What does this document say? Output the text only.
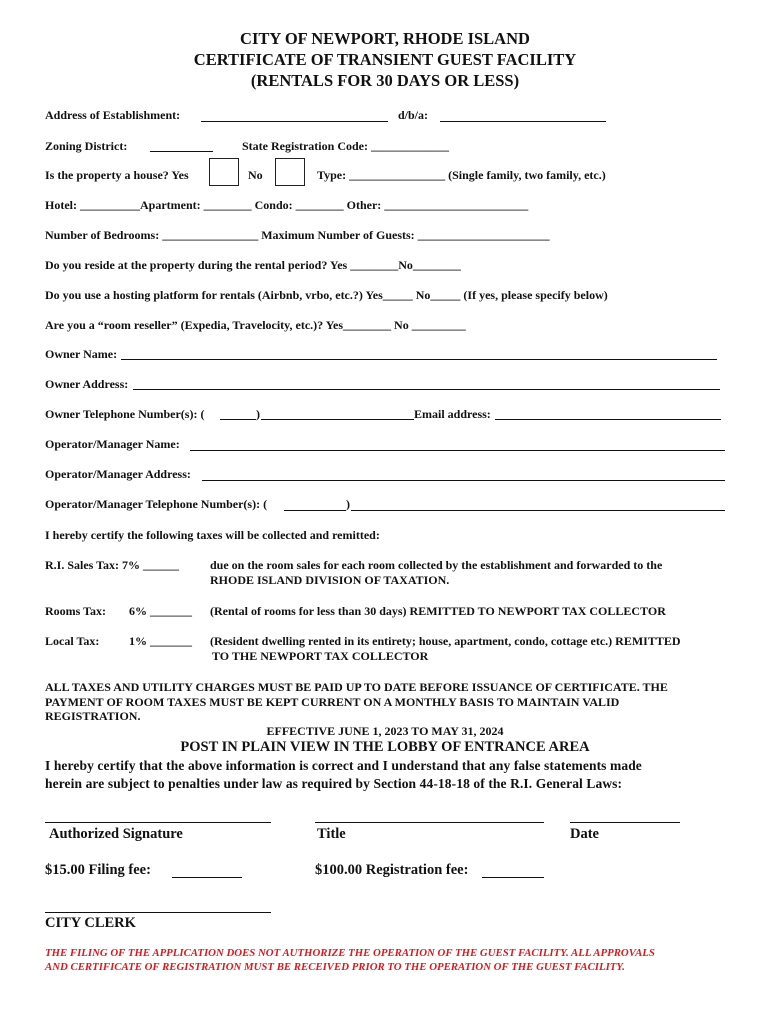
CITY OF NEWPORT, RHODE ISLAND
CERTIFICATE OF TRANSIENT GUEST FACILITY
(RENTALS FOR 30 DAYS OR LESS)
Address of Establishment:	d/b/a:
Zoning District:	State Registration Code: _____________
Is the property a house? Yes	No	Type: ________________ (Single family, two family, etc.)
Hotel: __________Apartment: ________ Condo: ________ Other: ________________________
Number of Bedrooms: ________________ Maximum Number of Guests: ______________________
Do you reside at the property during the rental period? Yes ________No________
Do you use a hosting platform for rentals (Airbnb, vrbo, etc.?) Yes_____ No_____ (If yes, please specify below)
Are you a “room reseller” (Expedia, Travelocity, etc.)? Yes________ No _________
Owner Name:
Owner Address:
Owner Telephone Number(s): (	)	Email address:
Operator/Manager Name:
Operator/Manager Address:
Operator/Manager Telephone Number(s): (	)
I hereby certify the following taxes will be collected and remitted:
R.I. Sales Tax: 7% ______	due on the room sales for each room collected by the establishment and forwarded to the
RHODE ISLAND DIVISION OF TAXATION.
Rooms Tax: 6% _______ (Rental of rooms for less than 30 days) REMITTED TO NEWPORT TAX COLLECTOR
Local Tax: 1% _______ (Resident dwelling rented in its entirety; house, apartment, condo, cottage etc.) REMITTED
TO THE NEWPORT TAX COLLECTOR
ALL TAXES AND UTILITY CHARGES MUST BE PAID UP TO DATE BEFORE ISSUANCE OF CERTIFICATE. THE
PAYMENT OF ROOM TAXES MUST BE KEPT CURRENT ON A MONTHLY BASIS TO MAINTAIN VALID
REGISTRATION.
EFFECTIVE JUNE 1, 2023 TO MAY 31, 2024
POST IN PLAIN VIEW IN THE LOBBY OF ENTRANCE AREA
I hereby certify that the above information is correct and I understand that any false statements made
herein are subject to penalties under law as required by Section 44-18-18 of the R.I. General Laws:
Authorized Signature	Title	Date
$15.00 Filing fee:	$100.00 Registration fee:
CITY CLERK
THE FILING OF THE APPLICATION DOES NOT AUTHORIZE THE OPERATION OF THE GUEST FACILITY. ALL APPROVALS
AND CERTIFICATE OF REGISTRATION MUST BE RECEIVED PRIOR TO THE OPERATION OF THE GUEST FACILITY.
